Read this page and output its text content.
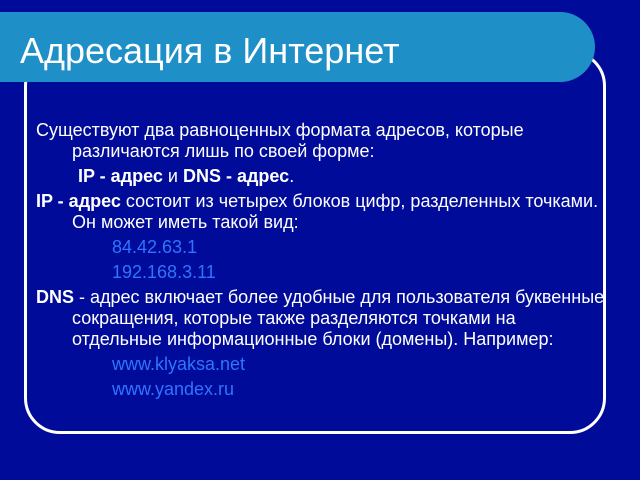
Адресация в Интернет

Существуют два равноценных формата адресов, которые различаются лишь по своей форме:

IP - адрес и DNS - адрес.

IP - адрес состоит из четырех блоков цифр, разделенных точками. Он может иметь такой вид:

84.42.63.1

192.168.3.11

DNS - адрес включает более удобные для пользователя буквенные сокращения, которые также разделяются точками на отдельные информационные блоки (домены). Например:

www.klyaksa.net

www.yandex.ru
